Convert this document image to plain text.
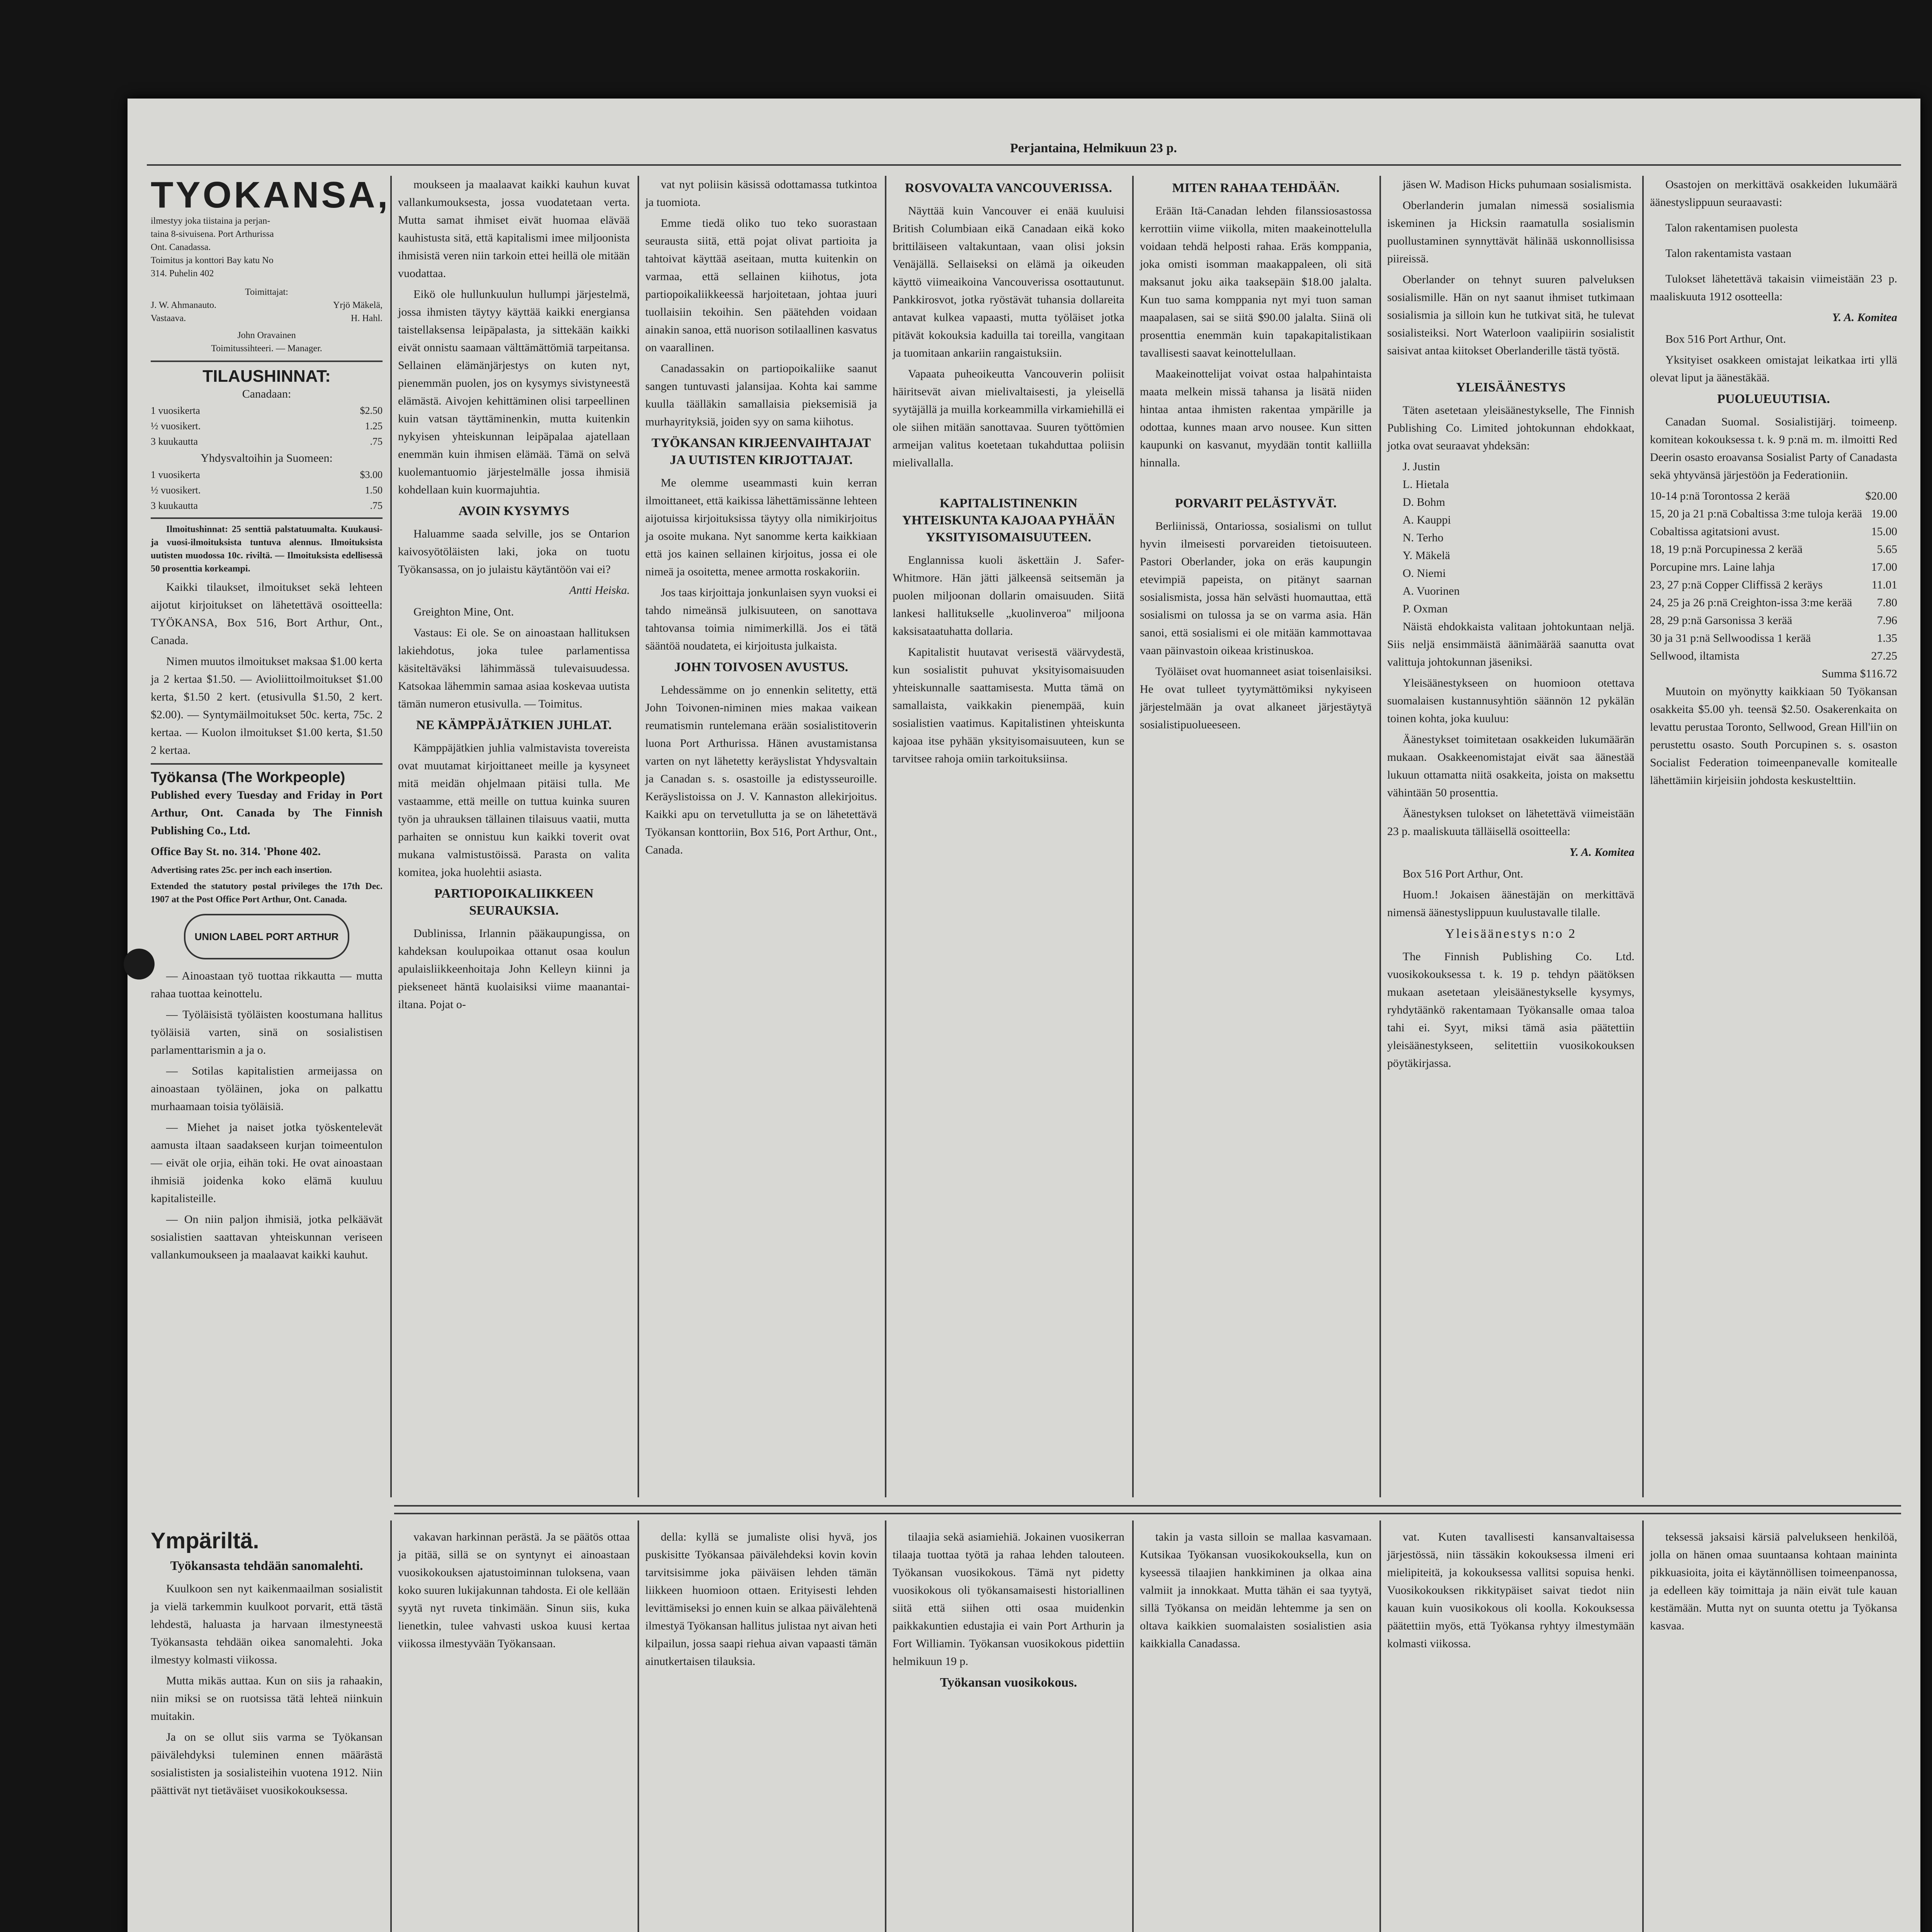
Perjantaina, Helmikuun 23 p.
TYOKANSA,
ilmestyy joka tiistaina ja perjan-
taina 8-sivuisena. Port Arthurissa
Ont. Canadassa.
Toimitus ja konttori Bay katu No
314. Puhelin 402
Toimittajat:
J. W. Ahmanauto.	Yrjö Mäkelä,
Vastaava.	H. Hahl.
John Oravainen
Toimitussihteeri. — Manager.
TILAUSHINNAT:
Canadaan:
1 vuosikerta	$2.50
½ vuosikert.	1.25
3 kuukautta	.75
Yhdysvaltoihin ja Suomeen:
1 vuosikerta	$3.00
½ vuosikert.	1.50
3 kuukautta	.75

Ilmoitushinnat: 25 senttiä palstatuumalta. Kuukausi- ja vuosi-ilmoituksista tuntuva alennus. Ilmoituksista uutisten muodossa 10c. riviltä. — Ilmoituksista edellisessä 50 prosenttia korkeampi.

Kaikki tilaukset, ilmoitukset sekä lehteen aijotut kirjoitukset on lähetettävä osoitteella: TYÖKANSA, Box 516, Bort Arthur, Ont., Canada.

Nimen muutos ilmoitukset maksaa $1.00 kerta ja 2 kertaa $1.50. — Avioliittoilmoitukset $1.00 kerta, $1.50 2 kert. (etusivulla $1.50, 2 kert. $2.00). — Syntymäilmoitukset 50c. kerta, 75c. 2 kertaa. — Kuolon ilmoitukset $1.00 kerta, $1.50 2 kertaa.

Työkansa (The Workpeople)

Published every Tuesday and Friday in Port Arthur, Ont. Canada by The Finnish Publishing Co., Ltd.

Office Bay St. no. 314. 'Phone 402.

Advertising rates 25c. per inch each insertion.

Extended the statutory postal privileges the 17th Dec. 1907 at the Post Office Port Arthur, Ont. Canada.

UNION LABEL PORT ARTHUR

— Ainoastaan työ tuottaa rikkautta — mutta rahaa tuottaa keinottelu.

— Työläisistä työläisten koostumana hallitus työläisiä varten, sinä on sosialistisen parlamenttarismin a ja o.

— Sotilas kapitalistien armeijassa on ainoastaan työläinen, joka on palkattu murhaamaan toisia työläisiä.

— Miehet ja naiset jotka työskentelevät aamusta iltaan saadakseen kurjan toimeentulon — eivät ole orjia, eihän toki. He ovat ainoastaan ihmisiä joidenka koko elämä kuuluu kapitalisteille.

— On niin paljon ihmisiä, jotka pelkäävät sosialistien saattavan yhteiskunnan veriseen vallankumoukseen ja maalaavat kaikki kauhut.

moukseen ja maalaavat kaikki kauhun kuvat vallankumouksesta, jossa vuodatetaan verta. Mutta samat ihmiset eivät huomaa elävää kauhistusta sitä, että kapitalismi imee miljoonista ihmisistä veren niin tarkoin ettei heillä ole mitään vuodattaa.

Eikö ole hullunkuulun hullumpi järjestelmä, jossa ihmisten täytyy käyttää kaikki energiansa taistellaksensa leipäpalasta, ja sittekään kaikki eivät onnistu saamaan välttämättömiä tarpeitansa. Sellainen elämänjärjestys on kuten nyt, pienemmän puolen, jos on kysymys sivistyneestä elämästä. Aivojen kehittäminen olisi tarpeellinen kuin vatsan täyttäminenkin, mutta kuitenkin nykyisen yhteiskunnan leipäpalaa ajatellaan enemmän kuin ihmisen elämää. Tämä on selvä kuolemantuomio järjestelmälle jossa ihmisiä kohdellaan kuin kuormajuhtia.

AVOIN KYSYMYS

Haluamme saada selville, jos se Ontarion kaivosyötöläisten laki, joka on tuotu Työkansassa, on jo julaistu käytäntöön vai ei?

Antti Heiska.

Greighton Mine, Ont.

Vastaus: Ei ole. Se on ainoastaan hallituksen lakiehdotus, joka tulee parlamentissa käsiteltäväksi lähimmässä tulevaisuudessa. Katsokaa lähemmin samaa asiaa koskevaa uutista tämän numeron etusivulla. — Toimitus.

NE KÄMPPÄJÄTKIEN JUHLAT.

Kämppäjätkien juhlia valmistavista tovereista ovat muutamat kirjoittaneet meille ja kysyneet mitä meidän ohjelmaan pitäisi tulla. Me vastaamme, että meille on tuttua kuinka suuren työn ja uhrauksen tällainen tilaisuus vaatii, mutta parhaiten se onnistuu kun kaikki toverit ovat mukana valmistustöissä. Parasta on valita komitea, joka huolehtii asiasta.

PARTIOPOIKALIIKKEEN SEURAUKSIA.

Dublinissa, Irlannin pääkaupungissa, on kahdeksan koulupoikaa ottanut osaa koulun apulaisliikkeenhoitaja John Kelleyn kiinni ja piekseneet häntä kuolaisiksi viime maanantai-iltana. Pojat o-

vat nyt poliisin käsissä odottamassa tutkintoa ja tuomiota.

Emme tiedä oliko tuo teko suorastaan seurausta siitä, että pojat olivat partioita ja tahtoivat käyttää aseitaan, mutta kuitenkin on varmaa, että sellainen kiihotus, jota partiopoikaliikkeessä harjoitetaan, johtaa juuri tuollaisiin tekoihin. Sen päätehden voidaan ainakin sanoa, että nuorison sotilaallinen kasvatus on vaarallinen.

Canadassakin on partiopoikaliike saanut sangen tuntuvasti jalansijaa. Kohta kai samme kuulla täälläkin samallaisia pieksemisiä ja murhayrityksiä, joiden syy on sama kiihotus.

TYÖKANSAN KIRJEENVAIHTAJAT JA UUTISTEN KIRJOTTAJAT.

Me olemme useammasti kuin kerran ilmoittaneet, että kaikissa lähettämissänne lehteen aijotuissa kirjoituksissa täytyy olla nimikirjoitus ja osoite mukana. Nyt sanomme kerta kaikkiaan että jos kainen sellainen kirjoitus, jossa ei ole nimeä ja osoitetta, menee armotta roskakoriin.

Jos taas kirjoittaja jonkunlaisen syyn vuoksi ei tahdo nimeänsä julkisuuteen, on sanottava tahtovansa toimia nimimerkillä. Jos ei tätä sääntöä noudateta, ei kirjoitusta julkaista.

JOHN TOIVOSEN AVUSTUS.

Lehdessämme on jo ennenkin selitetty, että John Toivonen-niminen mies makaa vaikean reumatismin runtelemana erään sosialistitoverin luona Port Arthurissa. Hänen avustamistansa varten on nyt lähetetty keräyslistat Yhdysvaltain ja Canadan s. s. osastoille ja edistysseuroille. Keräyslistoissa on J. V. Kannaston allekirjoitus. Kaikki apu on tervetullutta ja se on lähetettävä Työkansan konttoriin, Box 516, Port Arthur, Ont., Canada.

ROSVOVALTA VANCOUVERISSA.

Näyttää kuin Vancouver ei enää kuuluisi British Columbiaan eikä Canadaan eikä koko brittiläiseen valtakuntaan, vaan olisi joksin Venäjällä. Sellaiseksi on elämä ja oikeuden käyttö viimeaikoina Vancouverissa osottautunut. Pankkirosvot, jotka ryöstävät tuhansia dollareita antavat kulkea vapaasti, mutta työläiset jotka pitävät kokouksia kaduilla tai toreilla, vangitaan ja tuomitaan ankariin rangaistuksiin.

Vapaata puheoikeutta Vancouverin poliisit häiritsevät aivan mielivaltaisesti, ja yleisellä syytäjällä ja muilla korkeammilla virkamiehillä ei ole siihen mitään sanottavaa. Suuren työttömien armeijan valitus koetetaan tukahduttaa poliisin mielivallalla.

KAPITALISTINENKIN YHTEISKUNTA KAJOAA PYHÄÄN YKSITYISOMAISUUTEEN.

Englannissa kuoli äskettäin J. Safer-Whitmore. Hän jätti jälkeensä seitsemän ja puolen miljoonan dollarin omaisuuden. Siitä lankesi hallitukselle „kuolinveroa" miljoona kaksisataatuhatta dollaria.

Kapitalistit huutavat verisestä väärvydestä, kun sosialistit puhuvat yksityisomaisuuden yhteiskunnalle saattamisesta. Mutta tämä on samallaista, vaikkakin pienempää, kuin sosialistien vaatimus. Kapitalistinen yhteiskunta kajoaa itse pyhään yksityisomaisuuteen, kun se tarvitsee rahoja omiin tarkoituksiinsa.

MITEN RAHAA TEHDÄÄN.

Erään Itä-Canadan lehden filanssiosastossa kerrottiin viime viikolla, miten maakeinottelulla voidaan tehdä helposti rahaa. Eräs komppania, joka omisti isomman maakappaleen, oli sitä maksanut joku aika taaksepäin $18.00 jalalta. Kun tuo sama komppania nyt myi tuon saman maapalasen, sai se siitä $90.00 jalalta. Siinä oli prosenttia enemmän kuin tapakapitalistikaan tavallisesti saavat keinottelullaan.

Maakeinottelijat voivat ostaa halpahintaista maata melkein missä tahansa ja lisätä niiden hintaa antaa ihmisten rakentaa ympärille ja odottaa, kunnes maan arvo nousee. Kun sitten kaupunki on kasvanut, myydään tontit kalliilla hinnalla.

PORVARIT PELÄSTYVÄT.

Berliinissä, Ontariossa, sosialismi on tullut hyvin ilmeisesti porvareiden tietoisuuteen. Pastori Oberlander, joka on eräs kaupungin etevimpiä papeista, on pitänyt saarnan sosialismista, jossa hän selvästi huomauttaa, että sosialismi on tulossa ja se on varma asia. Hän sanoi, että sosialismi ei ole mitään kammottavaa vaan päinvastoin oikeaa kristinuskoa.

Työläiset ovat huomanneet asiat toisenlaisiksi. He ovat tulleet tyytymättömiksi nykyiseen järjestelmään ja ovat alkaneet järjestäytyä sosialistipuolueeseen.

jäsen W. Madison Hicks puhumaan sosialismista.

Oberlanderin jumalan nimessä sosialismia iskeminen ja Hicksin raamatulla sosialismin puollustaminen synnyttävät hälinää uskonnollisissa piireissä.

Oberlander on tehnyt suuren palveluksen sosialismille. Hän on nyt saanut ihmiset tutkimaan sosialismia ja silloin kun he tutkivat sitä, he tulevat sosialisteiksi. Nort Waterloon vaalipiirin sosialistit saisivat antaa kiitokset Oberlanderille tästä työstä.

YLEISÄÄNESTYS

Täten asetetaan yleisäänestykselle, The Finnish Publishing Co. Limited johtokunnan ehdokkaat, jotka ovat seuraavat yhdeksän:

J. Justin
L. Hietala
D. Bohm
A. Kauppi
N. Terho
Y. Mäkelä
O. Niemi
A. Vuorinen
P. Oxman

Näistä ehdokkaista valitaan johtokuntaan neljä. Siis neljä ensimmäistä äänimäärää saanutta ovat valittuja johtokunnan jäseniksi.

Yleisäänestykseen on huomioon otettava suomalaisen kustannusyhtiön säännön 12 pykälän toinen kohta, joka kuuluu:

Äänestykset toimitetaan osakkeiden lukumäärän mukaan. Osakkeenomistajat eivät saa äänestää lukuun ottamatta niitä osakkeita, joista on maksettu vähintään 50 prosenttia.

Äänestyksen tulokset on lähetettävä viimeistään 23 p. maaliskuuta tälläisellä osoitteella:

Y. A. Komitea

Box 516 Port Arthur, Ont.

Huom.! Jokaisen äänestäjän on merkittävä nimensä äänestyslippuun kuulustavalle tilalle.

Yleisäänestys n:o 2

The Finnish Publishing Co. Ltd. vuosikokouksessa t. k. 19 p. tehdyn päätöksen mukaan asetetaan yleisäänestykselle kysymys, ryhdytäänkö rakentamaan Työkansalle omaa taloa tahi ei. Syyt, miksi tämä asia päätettiin yleisäänestykseen, selitettiin vuosikokouksen pöytäkirjassa.

Osastojen on merkittävä osakkeiden lukumäärä äänestyslippuun seuraavasti:

Talon rakentamisen puolesta
Talon rakentamista vastaan

Tulokset lähetettävä takaisin viimeistään 23 p. maaliskuuta 1912 osotteella:

Y. A. Komitea

Box 516 Port Arthur, Ont.

Yksityiset osakkeen omistajat leikatkaa irti yllä olevat liput ja äänestäkää.

PUOLUEUUTISIA.

Canadan Suomal. Sosialistijärj. toimeenp. komitean kokouksessa t. k. 9 p:nä m. m. ilmoitti Red Deerin osasto eroavansa Sosialist Party of Canadasta sekä yhtyvänsä järjestöön ja Federationiin.

10-14 p:nä Torontossa 2 kerää	$20.00
15, 20 ja 21 p:nä Cobaltissa 3:me tuloja kerää 19.00
Cobaltissa agitatsioni avust.	15.00
18, 19 p:nä Porcupinessa 2 kerää	5.65
Porcupine mrs. Laine lahja	17.00
23, 27 p:nä Copper Cliffissä 2 keräys	11.01
24, 25 ja 26 p:nä Creighton-issa 3:me kerää 7.80
28, 29 p:nä Garsonissa 3 kerää	7.96
30 ja 31 p:nä Sellwoodissa 1 kerää	1.35
Sellwood, iltamista	27.25
Summa $116.72

Muutoin on myönytty kaikkiaan 50 Työkansan osakkeita $5.00 yh. teensä $2.50. Osakerenkaita on levattu perustaa Toronto, Sellwood, Grean Hill'iin on perustettu osasto. South Porcupinen s. s. osaston Socialist Federation toimeenpanevalle komitealle lähettämiin kirjeisiin johdosta keskustelttiin.

Ympäriltä.
Työkansasta tehdään sanomalehti.

Kuulkoon sen nyt kaikenmaailman sosialistit ja vielä tarkemmin kuulkoot porvarit, että tästä lehdestä, haluasta ja harvaan ilmestyneestä Työkansasta tehdään oikea sanomalehti. Joka ilmestyy kolmasti viikossa.

Mutta mikäs auttaa. Kun on siis ja rahaakin, niin miksi se on ruotsissa tätä lehteä niinkuin muitakin.

Ja on se ollut siis varma se Työkansan päivälehdyksi tuleminen ennen määrästä sosialististen ja sosialisteihin vuotena 1912. Niin päättivät nyt tietäväiset vuosikokouksessa.

vakavan harkinnan perästä. Ja se päätös ottaa ja pitää, sillä se on syntynyt ei ainoastaan vuosikokouksen ajatustoiminnan tuloksena, vaan koko suuren lukijakunnan tahdosta. Ei ole kellään syytä nyt ruveta tinkimään. Sinun siis, kuka lienetkin, tulee vahvasti uskoa kuusi kertaa viikossa ilmestyvään Työkansaan.

della: kyllä se jumaliste olisi hyvä, jos puskisitte Työkansaa päivälehdeksi kovin kovin tarvitsisimme joka päiväisen lehden tämän liikkeen huomioon ottaen. Erityisesti lehden levittämiseksi jo ennen kuin se alkaa päivälehtenä ilmestyä Työkansan hallitus julistaa nyt aivan heti kilpailun, jossa saapi riehua aivan vapaasti tämän ainutkertaisen tilauksia.

tilaajia sekä asiamiehiä. Jokainen vuosikerran tilaaja tuottaa työtä ja rahaa lehden talouteen. Työkansan vuosikokous. Tämä nyt pidetty vuosikokous oli työkansamaisesti historiallinen siitä että siihen otti osaa muidenkin paikkakuntien edustajia ei vain Port Arthurin ja Fort Williamin. Työkansan vuosikokous pidettiin helmikuun 19 p.

Työkansan vuosikokous.

takin ja vasta silloin se mallaa kasvamaan. Kutsikaa Työkansan vuosikokouksella, kun on kyseessä tilaajien hankkiminen ja olkaa aina valmiit ja innokkaat. Mutta tähän ei saa tyytyä, sillä Työkansa on meidän lehtemme ja sen on oltava kaikkien suomalaisten sosialistien asia kaikkialla Canadassa.

vat. Kuten tavallisesti kansanvaltaisessa järjestössä, niin tässäkin kokouksessa ilmeni eri mielipiteitä, ja kokouksessa vallitsi sopuisa henki. Vuosikokouksen rikkitypäiset saivat tiedot niin kauan kuin vuosikokous oli koolla. Kokouksessa päätettiin myös, että Työkansa ryhtyy ilmestymään kolmasti viikossa.

teksessä jaksaisi kärsiä palvelukseen henkilöä, jolla on hänen omaa suuntaansa kohtaan maininta pikkuasioita, joita ei käytännöllisen toimeenpanossa, ja edelleen käy toimittaja ja näin eivät tule kauan kestämään. Mutta nyt on suunta otettu ja Työkansa kasvaa.
